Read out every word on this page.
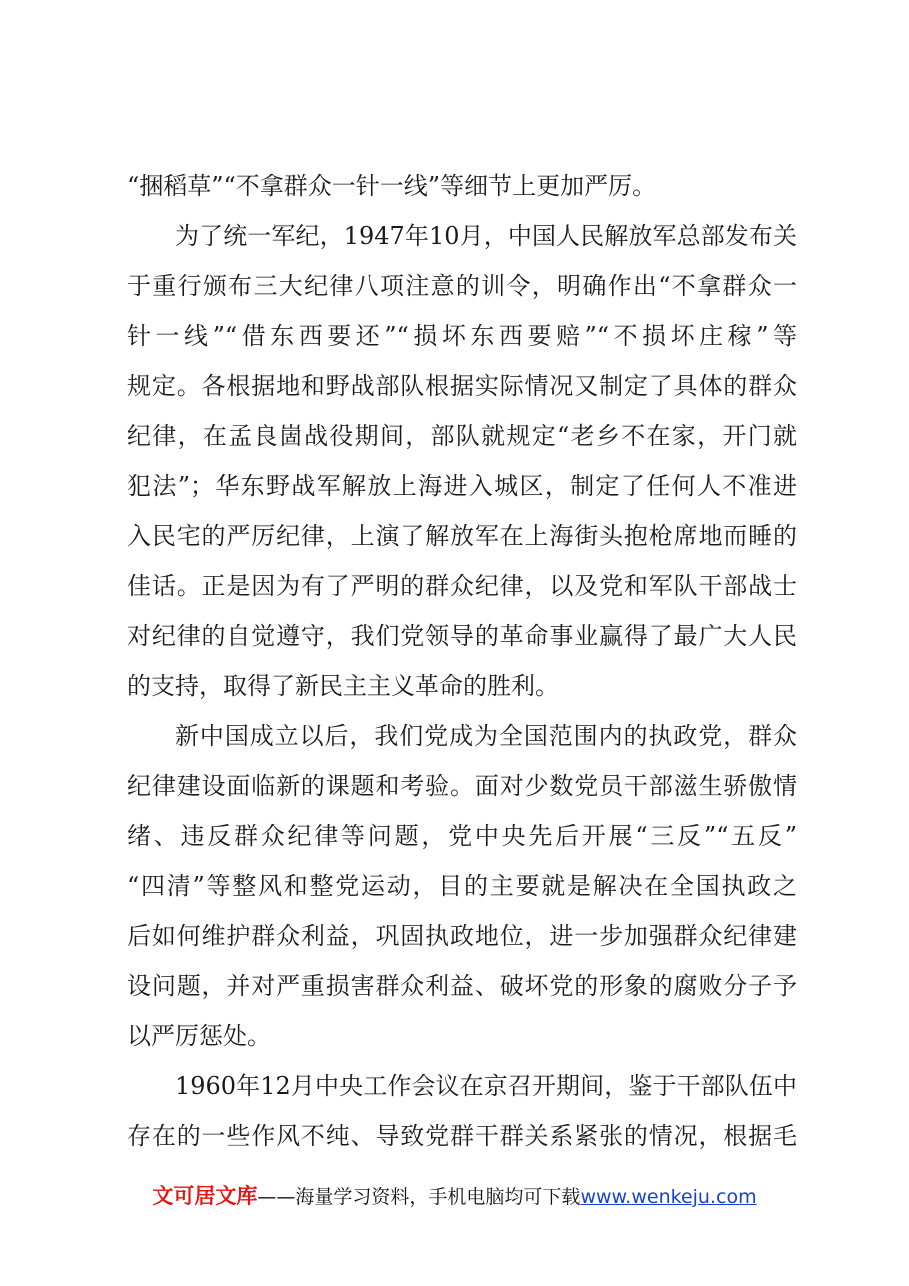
“捆稻草”“不拿群众一针一线”等细节上更加严厉。
为了统一军纪，1947年10月，中国人民解放军总部发布关
于重行颁布三大纪律八项注意的训令，明确作出“不拿群众一
针一线”“借东西要还”“损坏东西要赔”“不损坏庄稼”等
规定。各根据地和野战部队根据实际情况又制定了具体的群众
纪律，在孟良崮战役期间，部队就规定“老乡不在家，开门就
犯法”；华东野战军解放上海进入城区，制定了任何人不准进
入民宅的严厉纪律，上演了解放军在上海街头抱枪席地而睡的
佳话。正是因为有了严明的群众纪律，以及党和军队干部战士
对纪律的自觉遵守，我们党领导的革命事业赢得了最广大人民
的支持，取得了新民主主义革命的胜利。
新中国成立以后，我们党成为全国范围内的执政党，群众
纪律建设面临新的课题和考验。面对少数党员干部滋生骄傲情
绪、违反群众纪律等问题，党中央先后开展“三反”“五反”
“四清”等整风和整党运动，目的主要就是解决在全国执政之
后如何维护群众利益，巩固执政地位，进一步加强群众纪律建
设问题，并对严重损害群众利益、破坏党的形象的腐败分子予
以严厉惩处。
1960年12月中央工作会议在京召开期间，鉴于干部队伍中
存在的一些作风不纯、导致党群干群关系紧张的情况，根据毛
文可居文库——海量学习资料，手机电脑均可下载www.wenkeju.com
